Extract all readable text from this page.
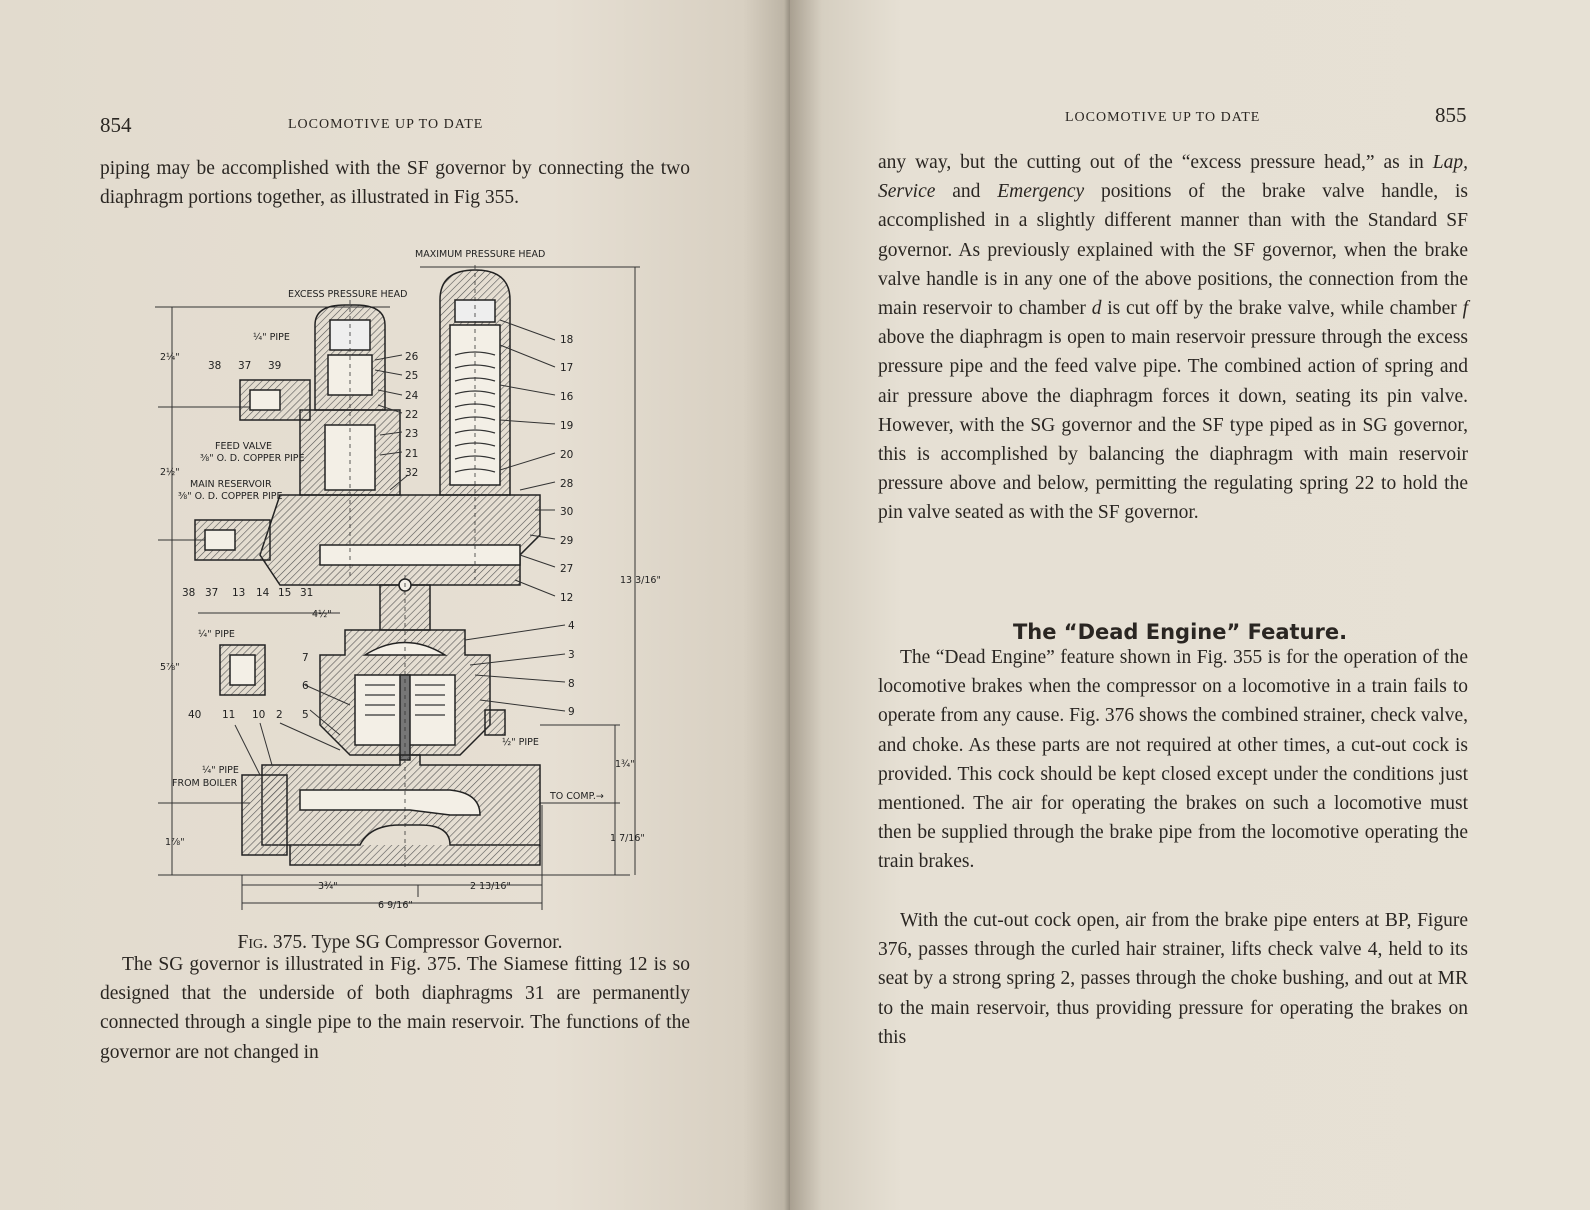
854	LOCOMOTIVE UP TO DATE

piping may be accomplished with the SF governor by connecting the two diaphragm portions together, as illustrated in Fig 355.

MAXIMUM PRESSURE HEAD
EXCESS PRESSURE HEAD
2¼"
2½"
5⅞"
1⅞"
4½"
13 3/16"
1¾"
1 7/16"
3¾"	2 13/16"
6 9/16"
¼" PIPE
FEED VALVE
⅜" O. D. COPPER PIPE
MAIN RESERVOIR
⅜" O. D. COPPER PIPE
¼" PIPE
½" PIPE
¼" PIPE
FROM BOILER
TO COMP.→
18
17
16
19
20
28
30
29
27
12
4
3
8
9
26
25
24
22
23
21
32
38 37 39
38 37 13 14 15 31
7
6
40 11 10 2 5
Fig. 375. Type SG Compressor Governor.

The SG governor is illustrated in Fig. 375. The Siamese fitting 12 is so designed that the underside of both diaphragms 31 are permanently connected through a single pipe to the main reservoir. The functions of the governor are not changed in

LOCOMOTIVE UP TO DATE	855

any way, but the cutting out of the “excess pressure head,” as in Lap, Service and Emergency positions of the brake valve handle, is accomplished in a slightly different manner than with the Standard SF governor. As previously explained with the SF governor, when the brake valve handle is in any one of the above positions, the connection from the main reservoir to chamber d is cut off by the brake valve, while chamber f above the diaphragm is open to main reservoir pressure through the excess pressure pipe and the feed valve pipe. The combined action of spring and air pressure above the diaphragm forces it down, seating its pin valve. However, with the SG governor and the SF type piped as in SG governor, this is accomplished by balancing the diaphragm with main reservoir pressure above and below, permitting the regulating spring 22 to hold the pin valve seated as with the SF governor.

The “Dead Engine” Feature.

The “Dead Engine” feature shown in Fig. 355 is for the operation of the locomotive brakes when the compressor on a locomotive in a train fails to operate from any cause. Fig. 376 shows the combined strainer, check valve, and choke. As these parts are not required at other times, a cut-out cock is provided. This cock should be kept closed except under the conditions just mentioned. The air for operating the brakes on such a locomotive must then be supplied through the brake pipe from the locomotive operating the train brakes.

With the cut-out cock open, air from the brake pipe enters at BP, Figure 376, passes through the curled hair strainer, lifts check valve 4, held to its seat by a strong spring 2, passes through the choke bushing, and out at MR to the main reservoir, thus providing pressure for operating the brakes on this
